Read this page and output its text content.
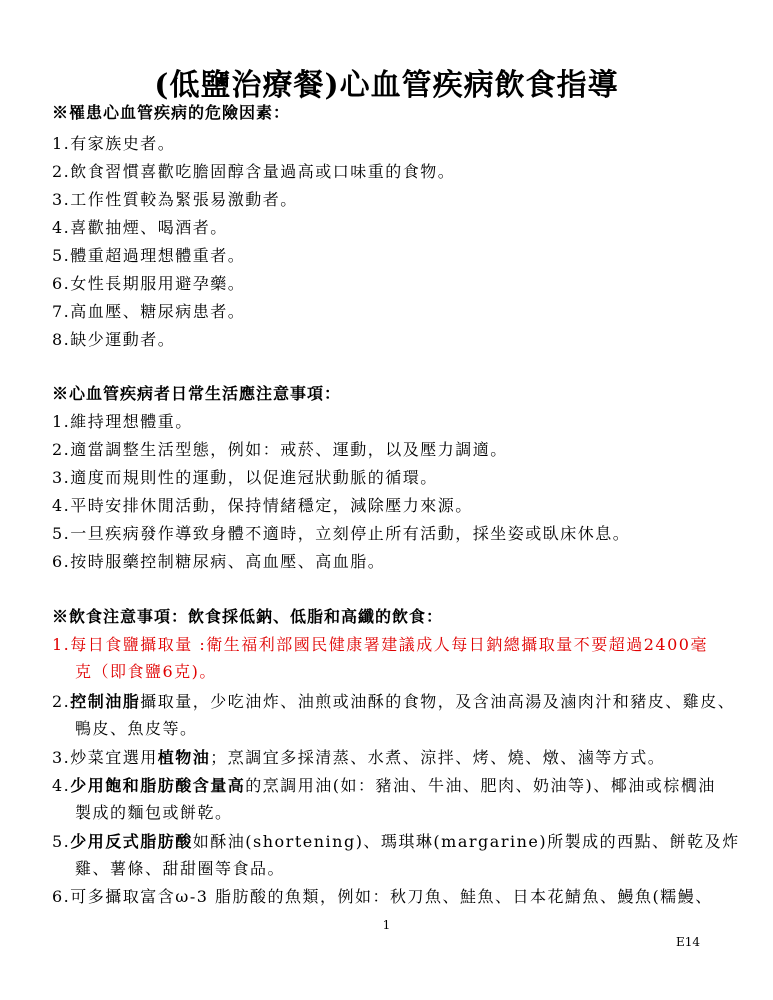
(低鹽治療餐)心血管疾病飲食指導
※罹患心血管疾病的危險因素：
1.有家族史者。
2.飲食習慣喜歡吃膽固醇含量過高或口味重的食物。
3.工作性質較為緊張易激動者。
4.喜歡抽煙、喝酒者。
5.體重超過理想體重者。
6.女性長期服用避孕藥。
7.高血壓、糖尿病患者。
8.缺少運動者。
※心血管疾病者日常生活應注意事項：
1.維持理想體重。
2.適當調整生活型態，例如：戒菸、運動，以及壓力調適。
3.適度而規則性的運動，以促進冠狀動脈的循環。
4.平時安排休閒活動，保持情緒穩定，減除壓力來源。
5.一旦疾病發作導致身體不適時，立刻停止所有活動，採坐姿或臥床休息。
6.按時服藥控制糖尿病、高血壓、高血脂。
※飲食注意事項：飲食採低鈉、低脂和高纖的飲食：
1.每日食鹽攝取量 :衛生福利部國民健康署建議成人每日鈉總攝取量不要超過2400毫
克（即食鹽6克)。
2.控制油脂攝取量，少吃油炸、油煎或油酥的食物，及含油高湯及滷肉汁和豬皮、雞皮、
鴨皮、魚皮等。
3.炒菜宜選用植物油；烹調宜多採清蒸、水煮、涼拌、烤、燒、燉、滷等方式。
4.少用飽和脂肪酸含量高的烹調用油(如：豬油、牛油、肥肉、奶油等)、椰油或棕櫚油
製成的麵包或餅乾。
5.少用反式脂肪酸如酥油(shortening)、瑪琪琳(margarine)所製成的西點、餅乾及炸
雞、薯條、甜甜圈等食品。
6.可多攝取富含ω-3 脂肪酸的魚類，例如：秋刀魚、鮭魚、日本花鯖魚、鰻魚(糯鰻、
1
E14
